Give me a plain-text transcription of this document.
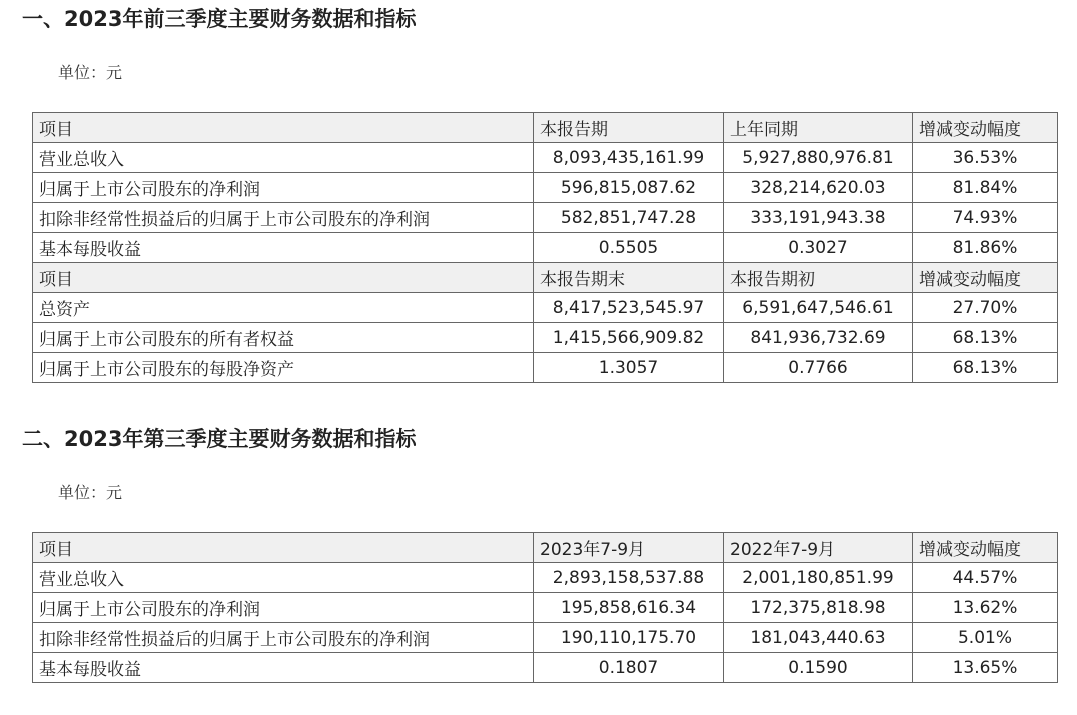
一、2023年前三季度主要财务数据和指标
单位：元
项目	本报告期	上年同期	增减变动幅度
营业总收入	8,093,435,161.99	5,927,880,976.81	36.53%
归属于上市公司股东的净利润	596,815,087.62	328,214,620.03	81.84%
扣除非经常性损益后的归属于上市公司股东的净利润	582,851,747.28	333,191,943.38	74.93%
基本每股收益	0.5505	0.3027	81.86%
项目	本报告期末	本报告期初	增减变动幅度
总资产	8,417,523,545.97	6,591,647,546.61	27.70%
归属于上市公司股东的所有者权益	1,415,566,909.82	841,936,732.69	68.13%
归属于上市公司股东的每股净资产	1.3057	0.7766	68.13%
二、2023年第三季度主要财务数据和指标
单位：元
项目	2023年7-9月	2022年7-9月	增减变动幅度
营业总收入	2,893,158,537.88	2,001,180,851.99	44.57%
归属于上市公司股东的净利润	195,858,616.34	172,375,818.98	13.62%
扣除非经常性损益后的归属于上市公司股东的净利润	190,110,175.70	181,043,440.63	5.01%
基本每股收益	0.1807	0.1590	13.65%
